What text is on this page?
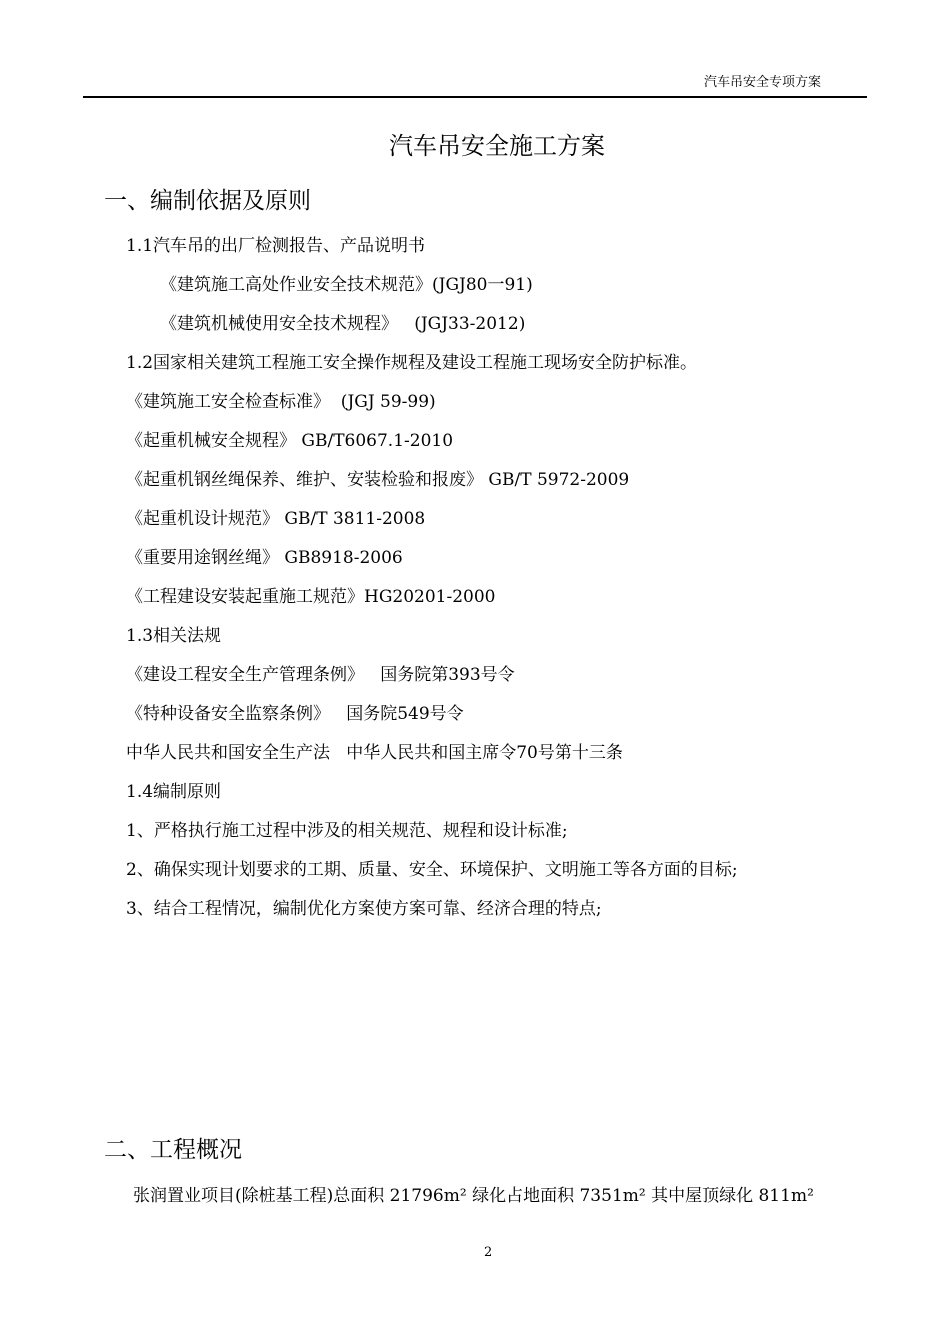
汽车吊安全专项方案
汽车吊安全施工方案
一、编制依据及原则
1.1汽车吊的出厂检测报告、产品说明书
《建筑施工高处作业安全技术规范》(JGJ80一91)
《建筑机械使用安全技术规程》   (JGJ33-2012)
1.2国家相关建筑工程施工安全操作规程及建设工程施工现场安全防护标准。
《建筑施工安全检查标准》  (JGJ 59-99)
《起重机械安全规程》 GB/T6067.1-2010
《起重机钢丝绳保养、维护、安装检验和报废》 GB/T 5972-2009
《起重机设计规范》 GB/T 3811-2008
《重要用途钢丝绳》 GB8918-2006
《工程建设安装起重施工规范》HG20201-2000
1.3相关法规
《建设工程安全生产管理条例》   国务院第393号令
《特种设备安全监察条例》   国务院549号令
中华人民共和国安全生产法   中华人民共和国主席令70号第十三条
1.4编制原则
1、严格执行施工过程中涉及的相关规范、规程和设计标准;
2、确保实现计划要求的工期、质量、安全、环境保护、文明施工等各方面的目标;
3、结合工程情况，编制优化方案使方案可靠、经济合理的特点;
二、工程概况
张润置业项目(除桩基工程)总面积 21796m² 绿化占地面积 7351m² 其中屋顶绿化 811m²
2
